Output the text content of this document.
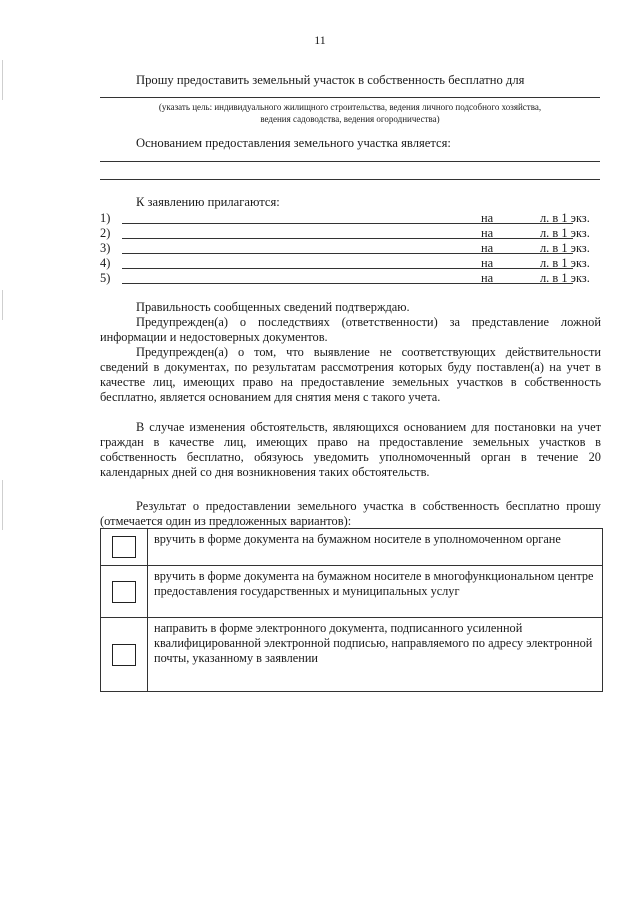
11
Прошу предоставить земельный участок в собственность бесплатно для
(указать цель: индивидуального жилищного строительства, ведения личного подсобного хозяйства,
ведения садоводства, ведения огородничества)
Основанием предоставления земельного участка является:
К заявлению прилагаются:
1)	на	л. в 1 экз.
2)	на	л. в 1 экз.
3)	на	л. в 1 экз.
4)	на	л. в 1 экз.
5)	на	л. в 1 экз.
Правильность сообщенных сведений подтверждаю.
Предупрежден(а) о последствиях (ответственности) за представление ложной информации и недостоверных документов.
Предупрежден(а) о том, что выявление не соответствующих действительности сведений в документах, по результатам рассмотрения которых буду поставлен(а) на учет в качестве лиц, имеющих право на предоставление земельных участков в собственность бесплатно, является основанием для снятия меня с такого учета.
В случае изменения обстоятельств, являющихся основанием для постановки на учет граждан в качестве лиц, имеющих право на предоставление земельных участков в собственность бесплатно, обязуюсь уведомить уполномоченный орган в течение 20 календарных дней со дня возникновения таких обстоятельств.
Результат о предоставлении земельного участка в собственность бесплатно прошу (отмечается один из предложенных вариантов):
	вручить в форме документа на бумажном носителе в уполномоченном органе

	вручить в форме документа на бумажном носителе в многофункциональном центре предоставления государственных и муниципальных услуг

	направить в форме электронного документа, подписанного усиленной квалифицированной электронной подписью, направляемого по адресу электронной почты, указанному в заявлении
